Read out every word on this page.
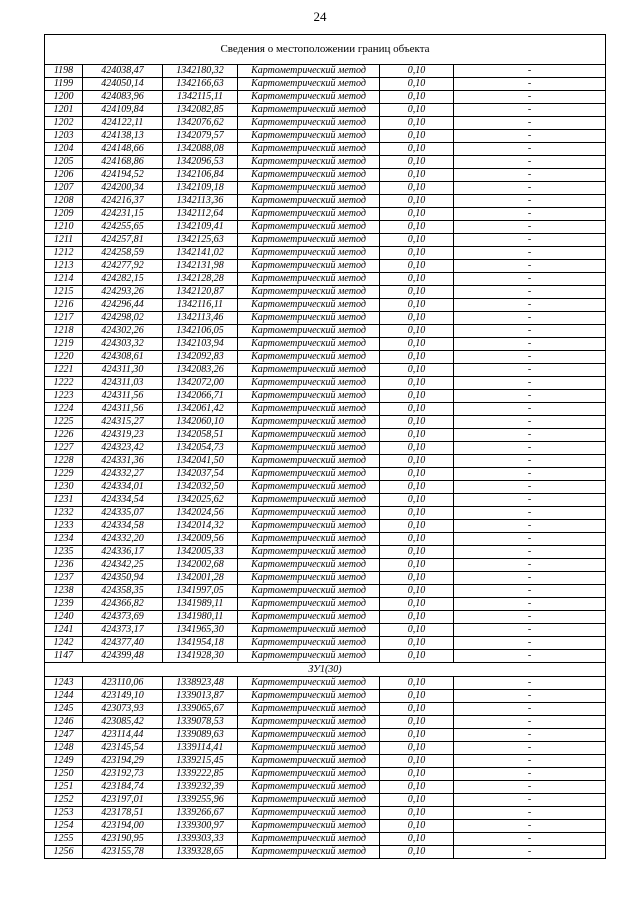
24
Сведения о местоположении границ объекта					
1198	424038,47	1342180,32	Картометрический метод	0,10	-
1199	424050,14	1342166,63	Картометрический метод	0,10	-
1200	424083,96	1342115,11	Картометрический метод	0,10	-
1201	424109,84	1342082,85	Картометрический метод	0,10	-
1202	424122,11	1342076,62	Картометрический метод	0,10	-
1203	424138,13	1342079,57	Картометрический метод	0,10	-
1204	424148,66	1342088,08	Картометрический метод	0,10	-
1205	424168,86	1342096,53	Картометрический метод	0,10	-
1206	424194,52	1342106,84	Картометрический метод	0,10	-
1207	424200,34	1342109,18	Картометрический метод	0,10	-
1208	424216,37	1342113,36	Картометрический метод	0,10	-
1209	424231,15	1342112,64	Картометрический метод	0,10	-
1210	424255,65	1342109,41	Картометрический метод	0,10	-
1211	424257,81	1342125,63	Картометрический метод	0,10	-
1212	424258,59	1342141,02	Картометрический метод	0,10	-
1213	424277,92	1342131,98	Картометрический метод	0,10	-
1214	424282,15	1342128,28	Картометрический метод	0,10	-
1215	424293,26	1342120,87	Картометрический метод	0,10	-
1216	424296,44	1342116,11	Картометрический метод	0,10	-
1217	424298,02	1342113,46	Картометрический метод	0,10	-
1218	424302,26	1342106,05	Картометрический метод	0,10	-
1219	424303,32	1342103,94	Картометрический метод	0,10	-
1220	424308,61	1342092,83	Картометрический метод	0,10	-
1221	424311,30	1342083,26	Картометрический метод	0,10	-
1222	424311,03	1342072,00	Картометрический метод	0,10	-
1223	424311,56	1342066,71	Картометрический метод	0,10	-
1224	424311,56	1342061,42	Картометрический метод	0,10	-
1225	424315,27	1342060,10	Картометрический метод	0,10	-
1226	424319,23	1342058,51	Картометрический метод	0,10	-
1227	424323,42	1342054,73	Картометрический метод	0,10	-
1228	424331,36	1342041,50	Картометрический метод	0,10	-
1229	424332,27	1342037,54	Картометрический метод	0,10	-
1230	424334,01	1342032,50	Картометрический метод	0,10	-
1231	424334,54	1342025,62	Картометрический метод	0,10	-
1232	424335,07	1342024,56	Картометрический метод	0,10	-
1233	424334,58	1342014,32	Картометрический метод	0,10	-
1234	424332,20	1342009,56	Картометрический метод	0,10	-
1235	424336,17	1342005,33	Картометрический метод	0,10	-
1236	424342,25	1342002,68	Картометрический метод	0,10	-
1237	424350,94	1342001,28	Картометрический метод	0,10	-
1238	424358,35	1341997,05	Картометрический метод	0,10	-
1239	424366,82	1341989,11	Картометрический метод	0,10	-
1240	424373,69	1341980,11	Картометрический метод	0,10	-
1241	424373,17	1341965,30	Картометрический метод	0,10	-
1242	424377,40	1341954,18	Картометрический метод	0,10	-
1147	424399,48	1341928,30	Картометрический метод	0,10	-
ЗУ1(30)					
1243	423110,06	1338923,48	Картометрический метод	0,10	-
1244	423149,10	1339013,87	Картометрический метод	0,10	-
1245	423073,93	1339065,67	Картометрический метод	0,10	-
1246	423085,42	1339078,53	Картометрический метод	0,10	-
1247	423114,44	1339089,63	Картометрический метод	0,10	-
1248	423145,54	1339114,41	Картометрический метод	0,10	-
1249	423194,29	1339215,45	Картометрический метод	0,10	-
1250	423192,73	1339222,85	Картометрический метод	0,10	-
1251	423184,74	1339232,39	Картометрический метод	0,10	-
1252	423197,01	1339255,96	Картометрический метод	0,10	-
1253	423178,51	1339266,67	Картометрический метод	0,10	-
1254	423194,00	1339300,97	Картометрический метод	0,10	-
1255	423190,95	1339303,33	Картометрический метод	0,10	-
1256	423155,78	1339328,65	Картометрический метод	0,10	-
